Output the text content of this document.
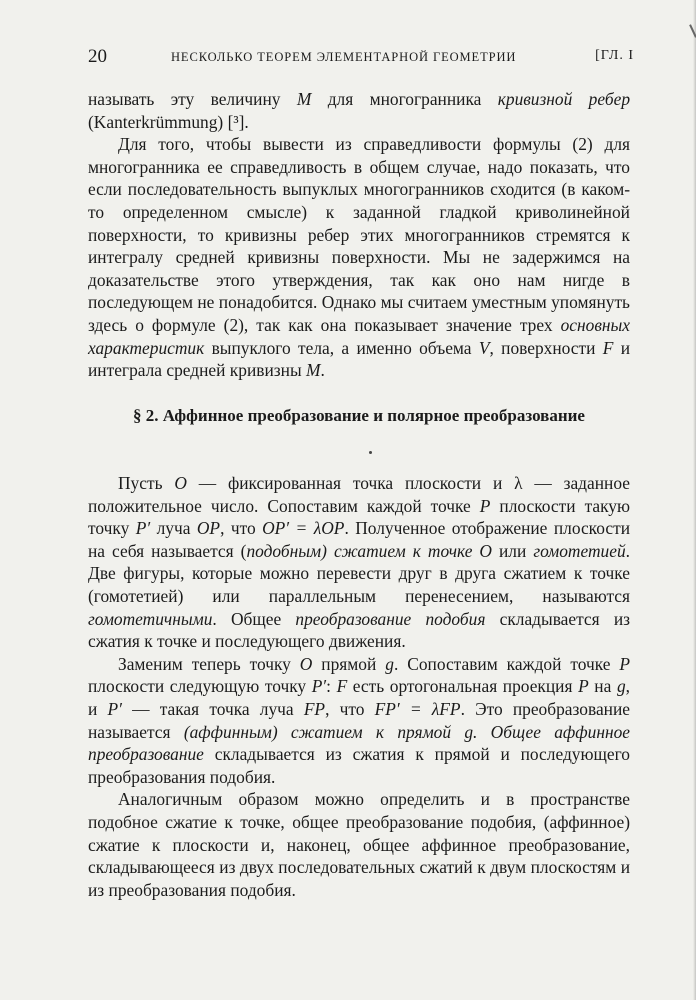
20	НЕСКОЛЬКО ТЕОРЕМ ЭЛЕМЕНТАРНОЙ ГЕОМЕТРИИ	[ГЛ. I

называть эту величину M для многогранника кривизной ребер (Kanterkrümmung) [³].

Для того, чтобы вывести из справедливости формулы (2) для многогранника ее справедливость в общем случае, надо показать, что если последовательность выпуклых многогранников сходится (в каком-то определенном смысле) к заданной гладкой криволинейной поверхности, то кривизны ребер этих многогранников стремятся к интегралу средней кривизны поверхности. Мы не задержимся на доказательстве этого утверждения, так как оно нам нигде в последующем не понадобится. Однако мы считаем уместным упомянуть здесь о формуле (2), так как она показывает значение трех основных характеристик выпуклого тела, а именно объема V, поверхности F и интеграла средней кривизны M.

§ 2. Аффинное преобразование и полярное преобразование

Пусть O — фиксированная точка плоскости и λ — заданное положительное число. Сопоставим каждой точке P плоскости такую точку P′ луча OP, что OP′ = λOP. Полученное отображение плоскости на себя называется (подобным) сжатием к точке O или гомотетией. Две фигуры, которые можно перевести друг в друга сжатием к точке (гомотетией) или параллельным перенесением, называются гомотетичными. Общее преобразование подобия складывается из сжатия к точке и последующего движения.

Заменим теперь точку O прямой g. Сопоставим каждой точке P плоскости следующую точку P′: F есть ортогональная проекция P на g, и P′ — такая точка луча FP, что FP′ = λFP. Это преобразование называется (аффинным) сжатием к прямой g. Общее аффинное преобразование складывается из сжатия к прямой и последующего преобразования подобия.

Аналогичным образом можно определить и в пространстве подобное сжатие к точке, общее преобразование подобия, (аффинное) сжатие к плоскости и, наконец, общее аффинное преобразование, складывающееся из двух последовательных сжатий к двум плоскостям и из преобразования подобия.
